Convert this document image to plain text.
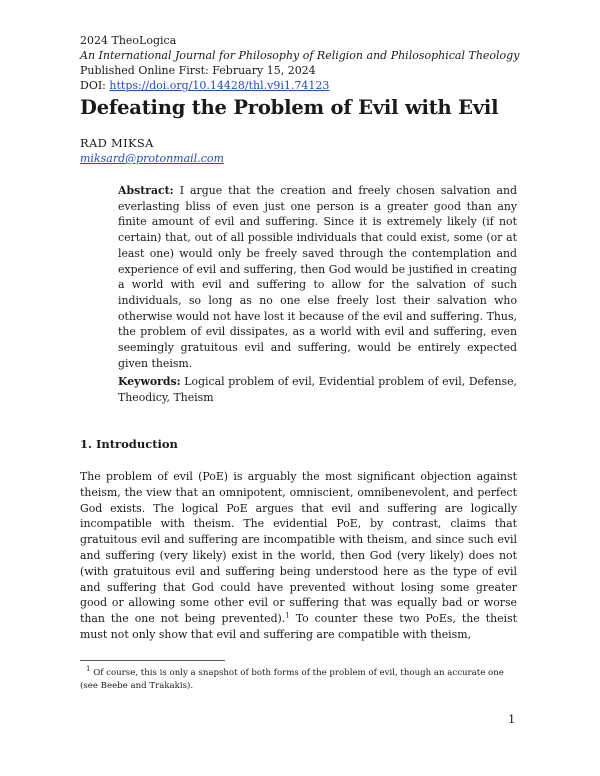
2024 TheoLogica
An International Journal for Philosophy of Religion and Philosophical Theology
Published Online First: February 15, 2024
DOI: https://doi.org/10.14428/thl.v9i1.74123
Defeating the Problem of Evil with Evil
RAD MIKSA
miksard@protonmail.com

Abstract: I argue that the creation and freely chosen salvation and everlasting bliss of even just one person is a greater good than any finite amount of evil and suffering. Since it is extremely likely (if not certain) that, out of all possible individuals that could exist, some (or at least one) would only be freely saved through the contemplation and experience of evil and suffering, then God would be justified in creating a world with evil and suffering to allow for the salvation of such individuals, so long as no one else freely lost their salvation who otherwise would not have lost it because of the evil and suffering. Thus, the problem of evil dissipates, as a world with evil and suffering, even seemingly gratuitous evil and suffering, would be entirely expected given theism.

Keywords: Logical problem of evil, Evidential problem of evil, Defense, Theodicy, Theism

1. Introduction

The problem of evil (PoE) is arguably the most significant objection against theism, the view that an omnipotent, omniscient, omnibenevolent, and perfect God exists. The logical PoE argues that evil and suffering are logically incompatible with theism. The evidential PoE, by contrast, claims that gratuitous evil and suffering are incompatible with theism, and since such evil and suffering (very likely) exist in the world, then God (very likely) does not (with gratuitous evil and suffering being understood here as the type of evil and suffering that God could have prevented without losing some greater good or allowing some other evil or suffering that was equally bad or worse than the one not being prevented).$^1$ To counter these two PoEs, the theist must not only show that evil and suffering are compatible with theism,

$^1$ Of course, this is only a snapshot of both forms of the problem of evil, though an accurate one (see Beebe and Trakakis).

1
